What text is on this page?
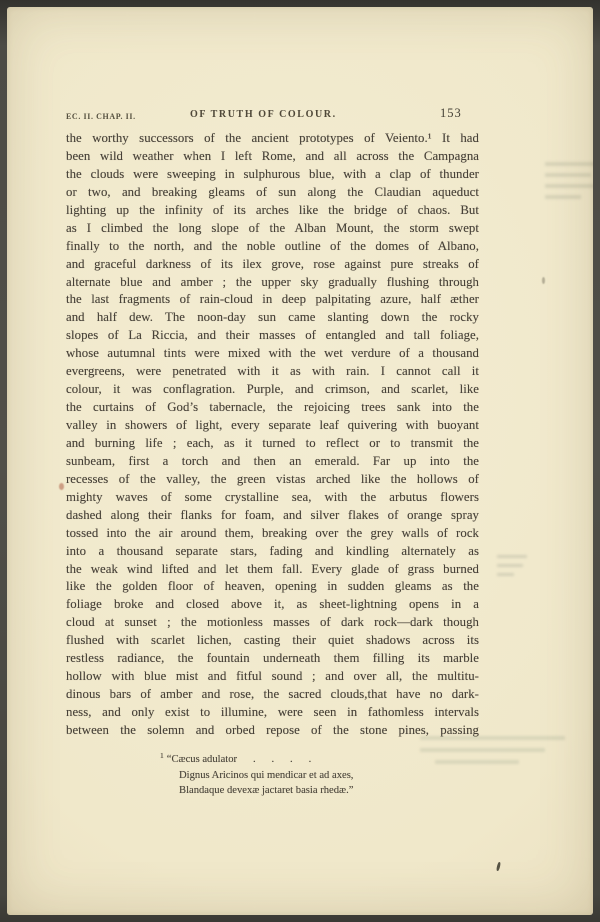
EC. II. CHAP. II.	OF TRUTH OF COLOUR.	153
the worthy successors of the ancient prototypes of Veiento.¹ It had
been wild weather when I left Rome, and all across the Campagna
the clouds were sweeping in sulphurous blue, with a clap of thunder
or two, and breaking gleams of sun along the Claudian aqueduct
lighting up the infinity of its arches like the bridge of chaos. But
as I climbed the long slope of the Alban Mount, the storm swept
finally to the north, and the noble outline of the domes of Albano,
and graceful darkness of its ilex grove, rose against pure streaks of
alternate blue and amber ; the upper sky gradually flushing through
the last fragments of rain-cloud in deep palpitating azure, half æther
and half dew. The noon-day sun came slanting down the rocky
slopes of La Riccia, and their masses of entangled and tall foliage,
whose autumnal tints were mixed with the wet verdure of a thousand
evergreens, were penetrated with it as with rain. I cannot call it
colour, it was conflagration. Purple, and crimson, and scarlet, like
the curtains of God’s tabernacle, the rejoicing trees sank into the
valley in showers of light, every separate leaf quivering with buoyant
and burning life ; each, as it turned to reflect or to transmit the
sunbeam, first a torch and then an emerald. Far up into the
recesses of the valley, the green vistas arched like the hollows of
mighty waves of some crystalline sea, with the arbutus flowers
dashed along their flanks for foam, and silver flakes of orange spray
tossed into the air around them, breaking over the grey walls of rock
into a thousand separate stars, fading and kindling alternately as
the weak wind lifted and let them fall. Every glade of grass burned
like the golden floor of heaven, opening in sudden gleams as the
foliage broke and closed above it, as sheet-lightning opens in a
cloud at sunset ; the motionless masses of dark rock—dark though
flushed with scarlet lichen, casting their quiet shadows across its
restless radiance, the fountain underneath them filling its marble
hollow with blue mist and fitful sound ; and over all, the multitu-
dinous bars of amber and rose, the sacred clouds,that have no dark-
ness, and only exist to illumine, were seen in fathomless intervals
between the solemn and orbed repose of the stone pines, passing
$^1$ “Cæcus adulator  .  .  .  .
Dignus Aricinos qui mendicar et ad axes,
Blandaque devexæ jactaret basia rhedæ.”
